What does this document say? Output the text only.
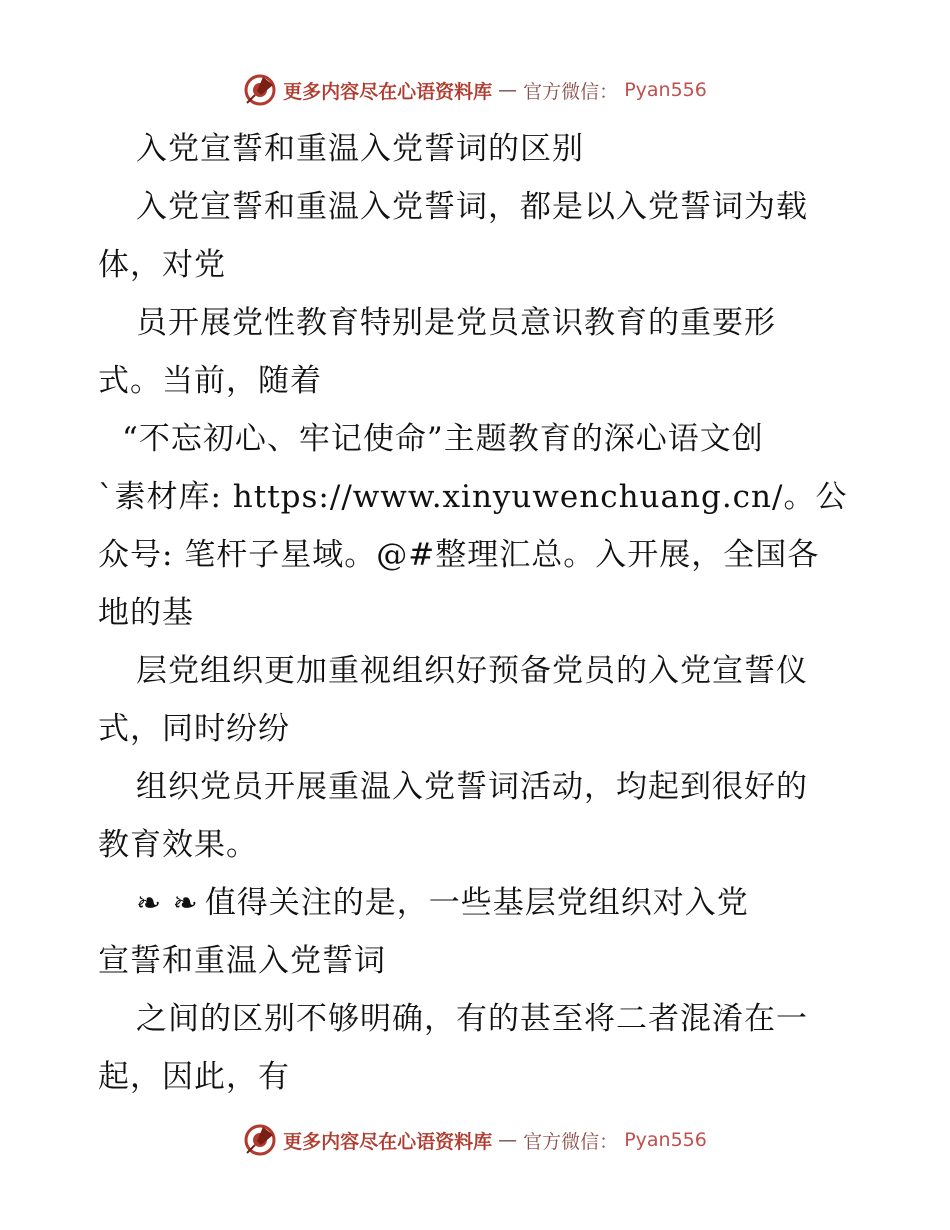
更多内容尽在心语资料库 — 官方微信： Pyan556
入党宣誓和重温入党誓词的区别
入党宣誓和重温入党誓词，都是以入党誓词为载
体，对党
员开展党性教育特别是党员意识教育的重要形
式。当前，随着
“不忘初心、牢记使命”主题教育的深心语文创
`素材库: https://www.xinyuwenchuang.cn/。公
众号: 笔杆子星域。@#整理汇总。入开展，全国各
地的基
层党组织更加重视组织好预备党员的入党宣誓仪
式，同时纷纷
组织党员开展重温入党誓词活动，均起到很好的
教育效果。
❧ ❧ 值得关注的是，一些基层党组织对入党
宣誓和重温入党誓词
之间的区别不够明确，有的甚至将二者混淆在一
起，因此，有
更多内容尽在心语资料库 — 官方微信： Pyan556
